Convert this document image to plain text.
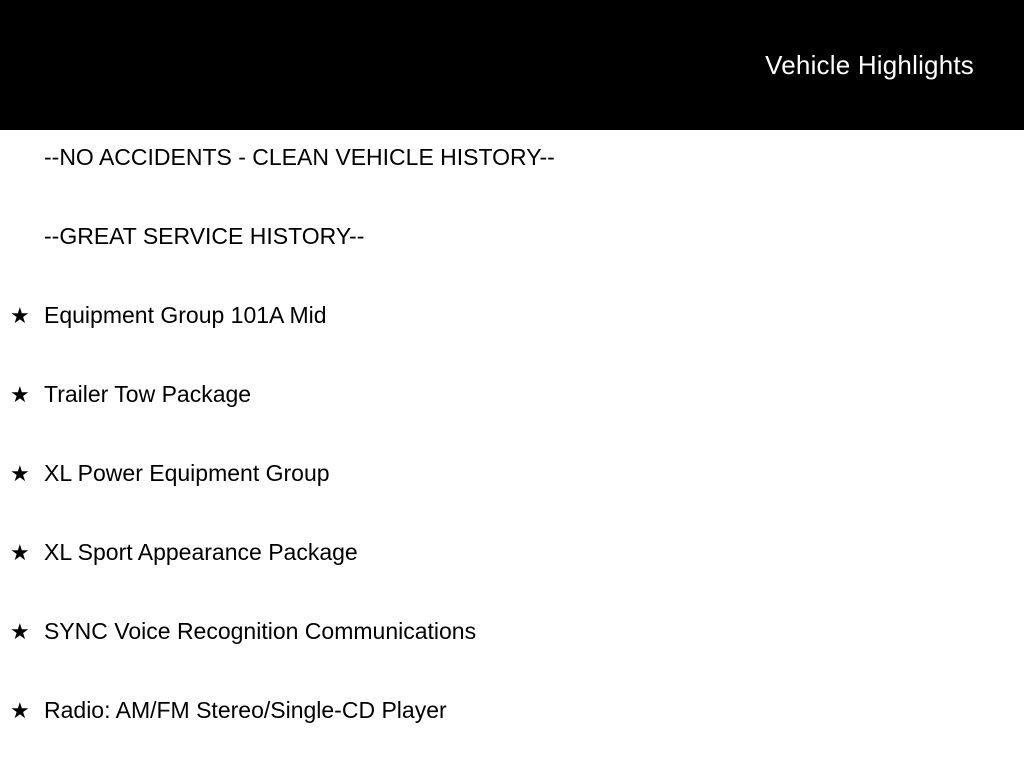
Vehicle Highlights
--NO ACCIDENTS - CLEAN VEHICLE HISTORY--
--GREAT SERVICE HISTORY--
★ Equipment Group 101A Mid
★ Trailer Tow Package
★ XL Power Equipment Group
★ XL Sport Appearance Package
★ SYNC Voice Recognition Communications
★ Radio: AM/FM Stereo/Single-CD Player
